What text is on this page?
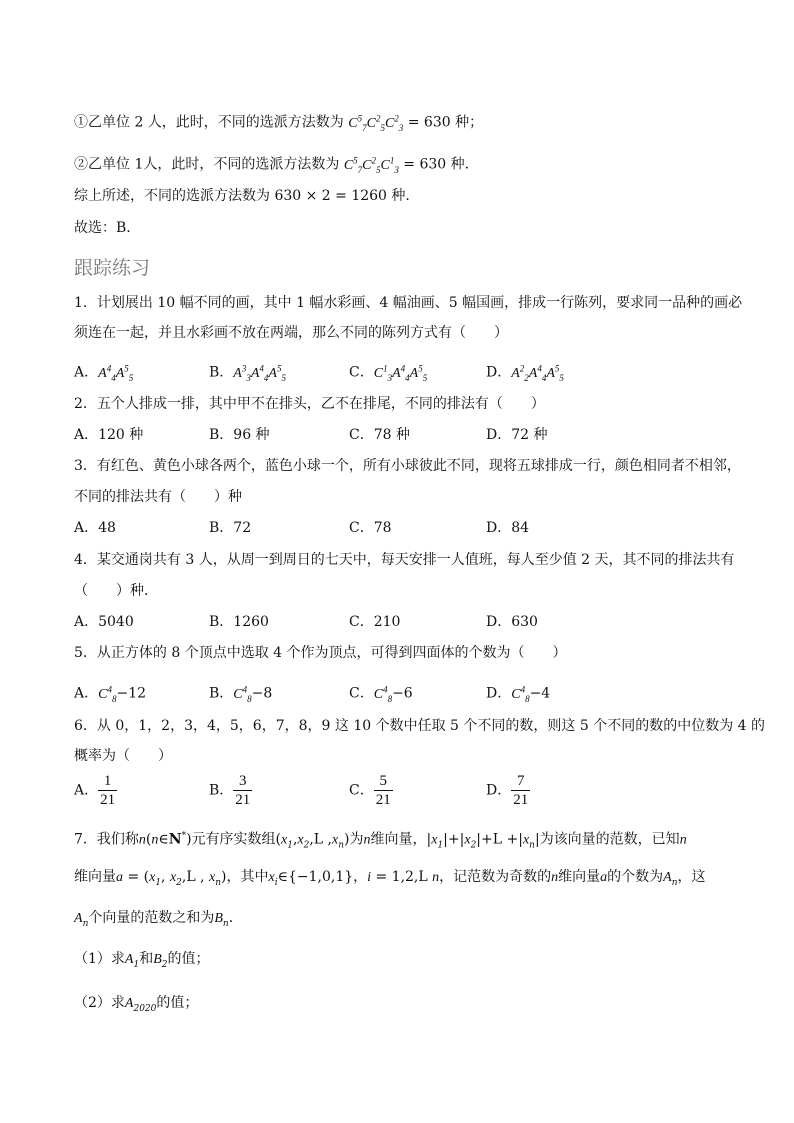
①乙单位 2 人，此时，不同的选派方法数为 $C^5_7C^2_5C^2_3 = 630$ 种；
②乙单位 1人，此时，不同的选派方法数为 $C^5_7C^2_5C^1_3 = 630$ 种.
综上所述，不同的选派方法数为 630 × 2 = 1260 种.
故选：B.
跟踪练习
1．计划展出 10 幅不同的画，其中 1 幅水彩画、4 幅油画、5 幅国画，排成一行陈列，要求同一品种的画必
须连在一起，并且水彩画不放在两端，那么不同的陈列方式有（　　）
A．$A^4_4A^5_5$	B．$A^3_3A^4_4A^5_5$	C．$C^1_3A^4_4A^5_5$	D．$A^2_2A^4_4A^5_5$
2．五个人排成一排，其中甲不在排头，乙不在排尾，不同的排法有（　　）
A．120 种	B．96 种	C．78 种	D．72 种
3．有红色、黄色小球各两个，蓝色小球一个，所有小球彼此不同，现将五球排成一行，颜色相同者不相邻，
不同的排法共有（　　）种
A．48	B．72	C．78	D．84
4．某交通岗共有 3 人，从周一到周日的七天中，每天安排一人值班，每人至少值 2 天，其不同的排法共有
（　　）种．
A．5040	B．1260	C．210	D．630
5．从正方体的 8 个顶点中选取 4 个作为顶点，可得到四面体的个数为（　　）
A．$C^4_8-12$	B．$C^4_8-8$	C．$C^4_8-6$	D．$C^4_8-4$
6．从 0，1，2，3，4，5，6，7，8，9 这 10 个数中任取 5 个不同的数，则这 5 个不同的数的中位数为 4 的
概率为（　　）
A． $\frac{1}{21}$	B． $\frac{3}{21}$	C． $\frac{5}{21}$	D． $\frac{7}{21}$
7．我们称n(n∈N*)元有序实数组($x_1,x_2,L$ $,x_n$)为n维向量，$|x_1|+|x_2|+L +|x_n|$为该向量的范数，已知n
维向量$a = (x_1$, $x_2,L$ , $x_n$)，其中$x_i\in\{-1,0,1\}$，i = 1,2,L n，记范数为奇数的n维向量a的个数为$A_n$，这
$A_n$个向量的范数之和为$B_n$．
（1）求$A_1$和$B_2$的值；
（2）求$A_{2020}$的值；
